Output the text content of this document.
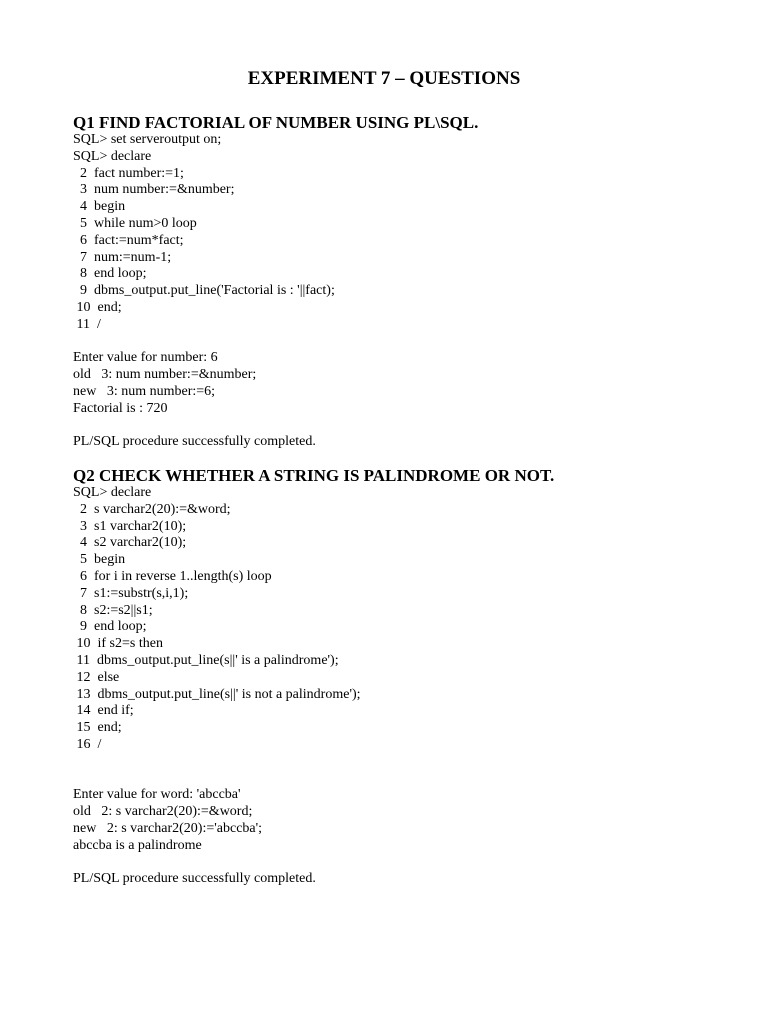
EXPERIMENT 7 – QUESTIONS
Q1 FIND FACTORIAL OF NUMBER USING PL\SQL.
SQL> set serveroutput on;
SQL> declare
2  fact number:=1;
3  num number:=&number;
4  begin
5  while num>0 loop
6  fact:=num*fact;
7  num:=num-1;
8  end loop;
9  dbms_output.put_line('Factorial is : '||fact);
10  end;
11  /
Enter value for number: 6
old   3: num number:=&number;
new   3: num number:=6;
Factorial is : 720
PL/SQL procedure successfully completed.
Q2 CHECK WHETHER A STRING IS PALINDROME OR NOT.
SQL> declare
2  s varchar2(20):=&word;
3  s1 varchar2(10);
4  s2 varchar2(10);
5  begin
6  for i in reverse 1..length(s) loop
7  s1:=substr(s,i,1);
8  s2:=s2||s1;
9  end loop;
10  if s2=s then
11  dbms_output.put_line(s||' is a palindrome');
12  else
13  dbms_output.put_line(s||' is not a palindrome');
14  end if;
15  end;
16  /
Enter value for word: 'abccba'
old   2: s varchar2(20):=&word;
new   2: s varchar2(20):='abccba';
abccba is a palindrome
PL/SQL procedure successfully completed.
